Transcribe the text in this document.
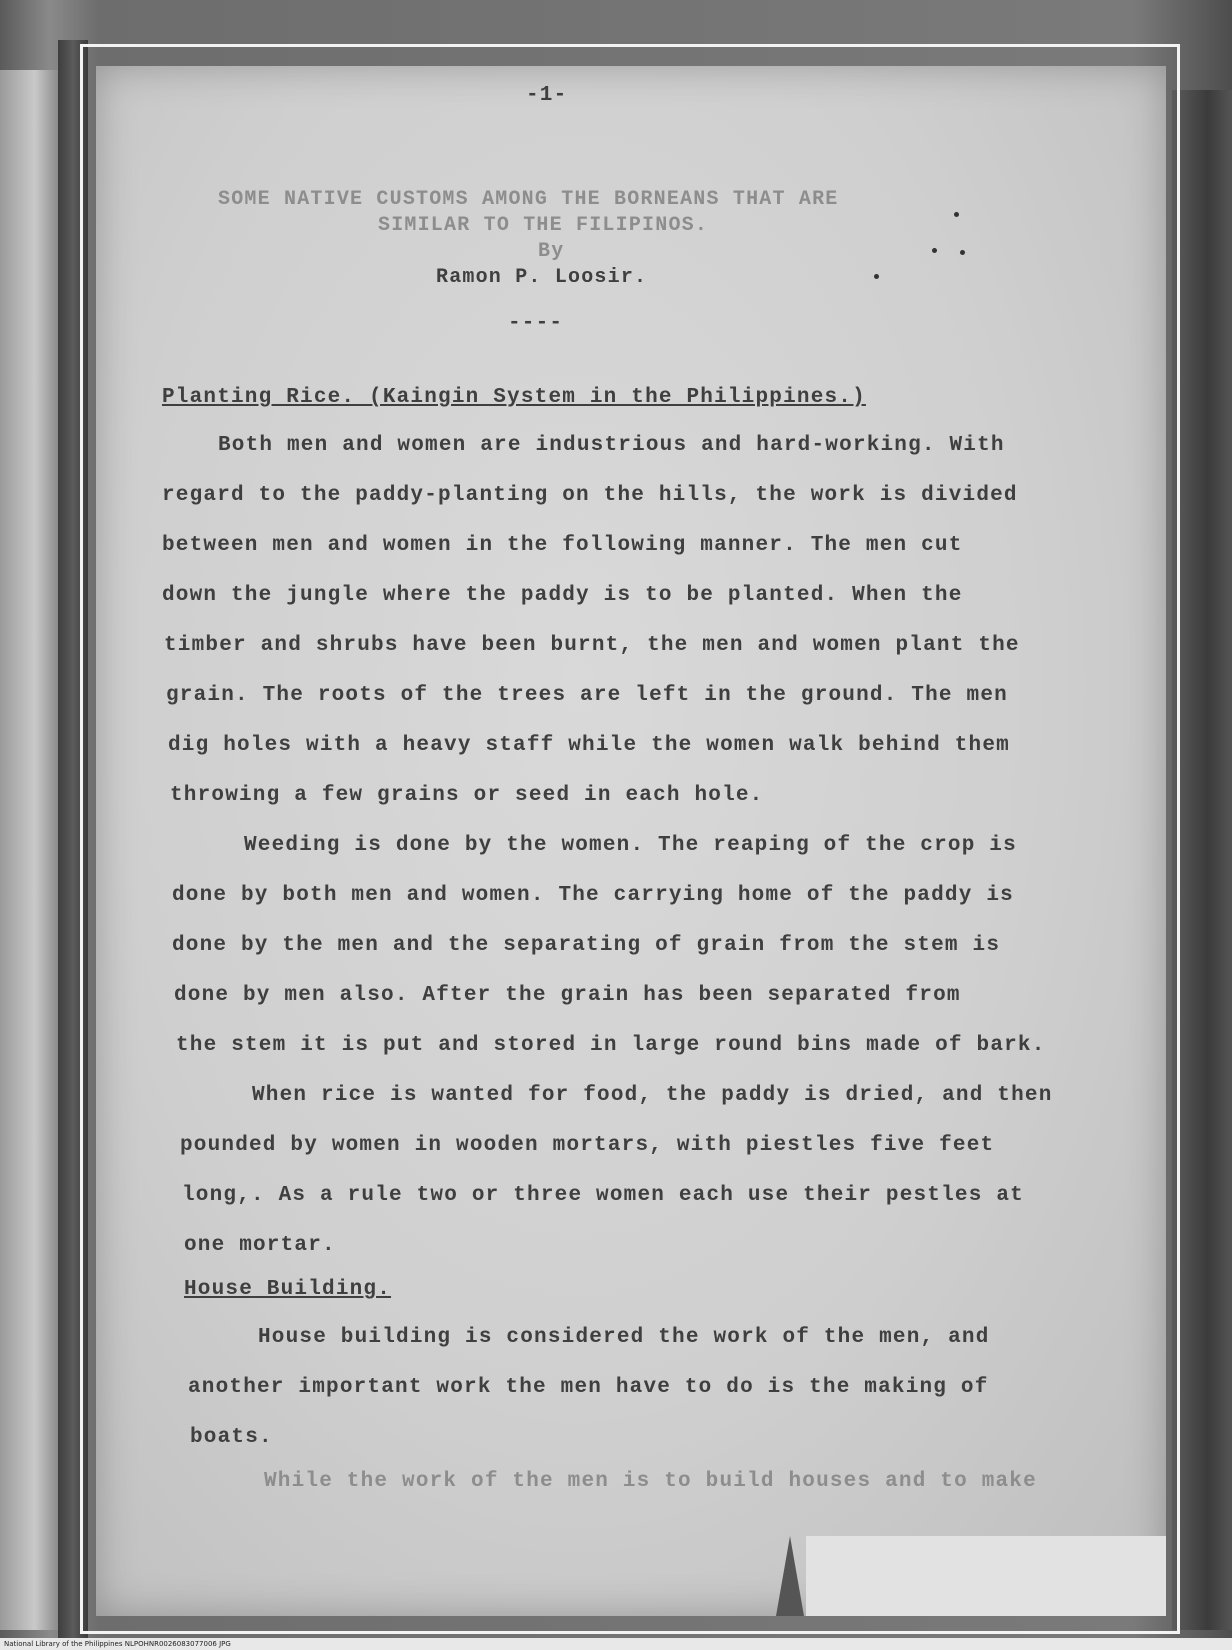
-1-
SOME NATIVE CUSTOMS AMONG THE BORNEANS THAT ARE
SIMILAR TO THE FILIPINOS.
By
Ramon P. Loosir.
----
Planting Rice. (Kaingin System in the Philippines.)
Both men and women are industrious and hard-working. With
regard to the paddy-planting on the hills, the work is divided
between men and women in the following manner. The men cut
down the jungle where the paddy is to be planted. When the
timber and shrubs have been burnt, the men and women plant the
grain. The roots of the trees are left in the ground. The men
dig holes with a heavy staff while the women walk behind them
throwing a few grains or seed in each hole.
Weeding is done by the women. The reaping of the crop is
done by both men and women. The carrying home of the paddy is
done by the men and the separating of grain from the stem is
done by men also. After the grain has been separated from
the stem it is put and stored in large round bins made of bark.
When rice is wanted for food, the paddy is dried, and then
pounded by women in wooden mortars, with piestles five feet
long,. As a rule two or three women each use their pestles at
one mortar.
House Building.
House building is considered the work of the men, and
another important work the men have to do is the making of
boats.
While the work of the men is to build houses and to make
National Library of the Philippines NLPOHNR0026083077006 JPG
